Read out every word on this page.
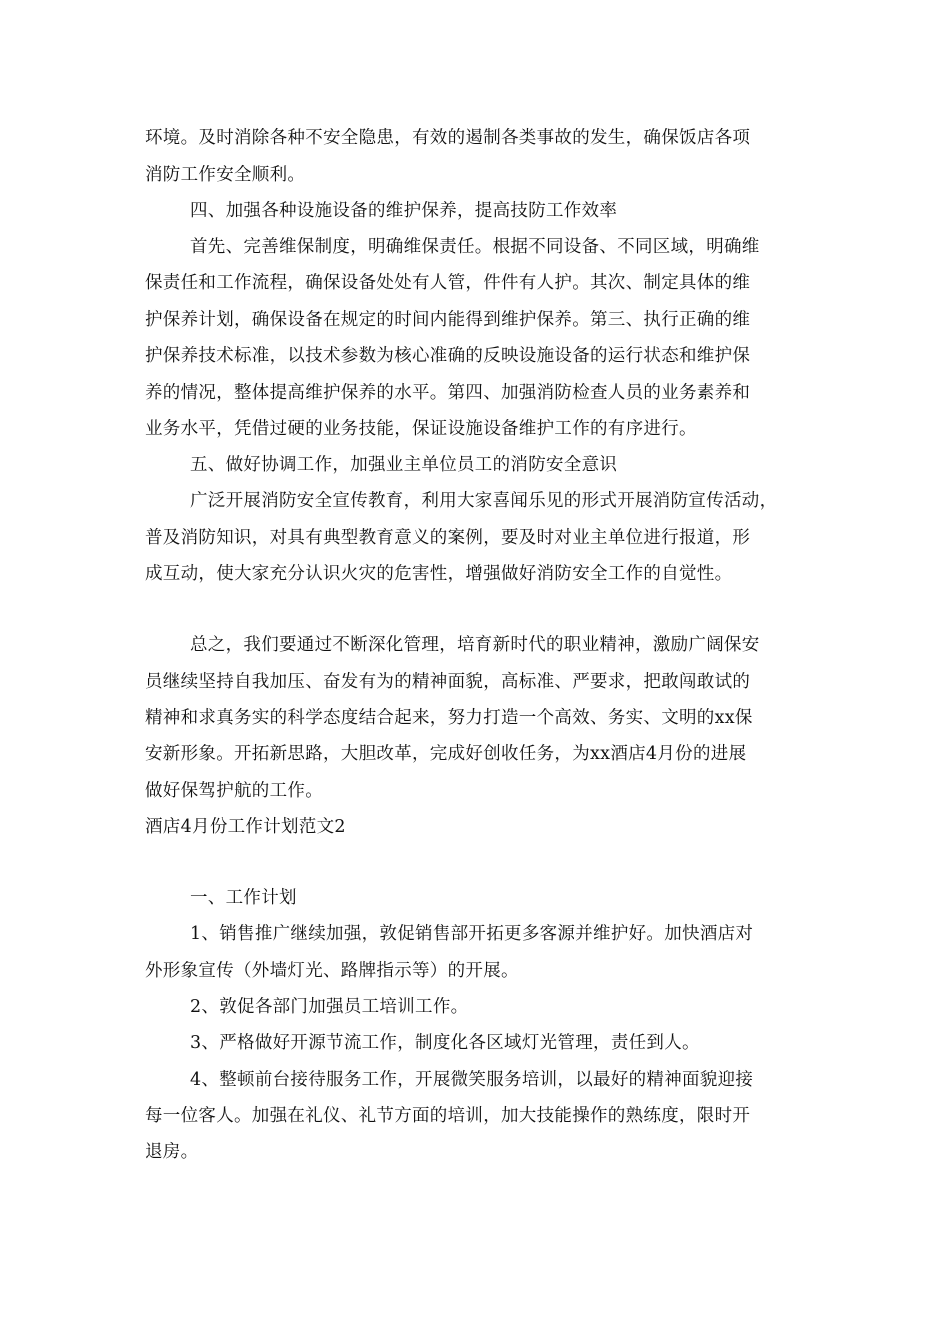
环境。及时消除各种不安全隐患，有效的遏制各类事故的发生，确保饭店各项
消防工作安全顺利。
四、加强各种设施设备的维护保养，提高技防工作效率
首先、完善维保制度，明确维保责任。根据不同设备、不同区域，明确维
保责任和工作流程，确保设备处处有人管，件件有人护。其次、制定具体的维
护保养计划，确保设备在规定的时间内能得到维护保养。第三、执行正确的维
护保养技术标准，以技术参数为核心准确的反映设施设备的运行状态和维护保
养的情况，整体提高维护保养的水平。第四、加强消防检查人员的业务素养和
业务水平，凭借过硬的业务技能，保证设施设备维护工作的有序进行。
五、做好协调工作，加强业主单位员工的消防安全意识
广泛开展消防安全宣传教育，利用大家喜闻乐见的形式开展消防宣传活动，
普及消防知识，对具有典型教育意义的案例，要及时对业主单位进行报道，形
成互动，使大家充分认识火灾的危害性，增强做好消防安全工作的自觉性。
总之，我们要通过不断深化管理，培育新时代的职业精神，激励广阔保安
员继续坚持自我加压、奋发有为的精神面貌，高标准、严要求，把敢闯敢试的
精神和求真务实的科学态度结合起来，努力打造一个高效、务实、文明的xx保
安新形象。开拓新思路，大胆改革，完成好创收任务，为xx酒店4月份的进展
做好保驾护航的工作。
酒店4月份工作计划范文2
一、工作计划
1、销售推广继续加强，敦促销售部开拓更多客源并维护好。加快酒店对
外形象宣传（外墙灯光、路牌指示等）的开展。
2、敦促各部门加强员工培训工作。
3、严格做好开源节流工作，制度化各区域灯光管理，责任到人。
4、整顿前台接待服务工作，开展微笑服务培训，以最好的精神面貌迎接
每一位客人。加强在礼仪、礼节方面的培训，加大技能操作的熟练度，限时开
退房。
